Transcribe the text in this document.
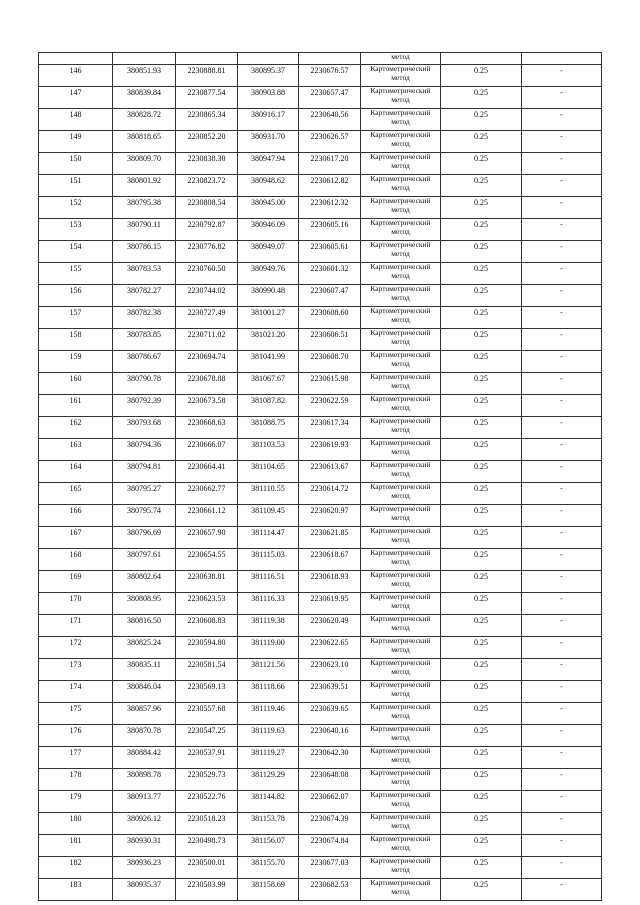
					метод		
146	380851.93	2230888.81	380895.37	2230676.57	Картометрический метод	0.25	-
147	380839.84	2230877.54	380903.88	2230657.47	Картометрический метод	0.25	-
148	380828.72	2230865.34	380916.17	2230640.56	Картометрический метод	0.25	-
149	380818.65	2230852.20	380931.70	2230626.57	Картометрический метод	0.25	-
150	380809.70	2230838.30	380947.94	2230617.20	Картометрический метод	0.25	-
151	380801.92	2230823.72	380948.62	2230612.82	Картометрический метод	0.25	-
152	380795.38	2230808.54	380945.00	2230612.32	Картометрический метод	0.25	-
153	380790.11	2230792.87	380946.09	2230605.16	Картометрический метод	0.25	-
154	380786.15	2230776.82	380949.07	2230605.61	Картометрический метод	0.25	-
155	380783.53	2230760.50	380949.76	2230601.32	Картометрический метод	0.25	-
156	380782.27	2230744.02	380990.48	2230607.47	Картометрический метод	0.25	-
157	380782.38	2230727.49	381001.27	2230608.60	Картометрический метод	0.25	-
158	380783.85	2230711.02	381021.20	2230606.51	Картометрический метод	0.25	-
159	380786.67	2230694.74	381041.99	2230608.70	Картометрический метод	0.25	-
160	380790.78	2230678.88	381067.67	2230615.98	Картометрический метод	0.25	-
161	380792.39	2230673.58	381087.82	2230622.59	Картометрический метод	0.25	-
162	380793.68	2230668.63	381088.75	2230617.34	Картометрический метод	0.25	-
163	380794.36	2230666.07	381103.53	2230619.93	Картометрический метод	0.25	-
164	380794.81	2230664.41	381104.65	2230613.67	Картометрический метод	0.25	-
165	380795.27	2230662.77	381110.55	2230614.72	Картометрический метод	0.25	-
166	380795.74	2230661.12	381109.45	2230620.97	Картометрический метод	0.25	-
167	380796.69	2230657.90	381114.47	2230621.85	Картометрический метод	0.25	-
168	380797.61	2230654.55	381115.03	2230618.67	Картометрический метод	0.25	-
169	380802.64	2230638.81	381116.51	2230618.93	Картометрический метод	0.25	-
170	380808.95	2230623.53	381116.33	2230619.95	Картометрический метод	0.25	-
171	380816.50	2230608.83	381119.38	2230620.49	Картометрический метод	0.25	-
172	380825.24	2230594.80	381119.00	2230622.65	Картометрический метод	0.25	-
173	380835.11	2230581.54	381121.56	2230623.10	Картометрический метод	0.25	-
174	380846.04	2230569.13	381118.66	2230639.51	Картометрический метод	0.25	-
175	380857.96	2230557.68	381119.46	2230639.65	Картометрический метод	0.25	-
176	380870.78	2230547.25	381119.63	2230640.16	Картометрический метод	0.25	-
177	380884.42	2230537.91	381119.27	2230642.30	Картометрический метод	0.25	-
178	380898.78	2230529.73	381129.29	2230648.08	Картометрический метод	0.25	-
179	380913.77	2230522.76	381144.82	2230662.07	Картометрический метод	0.25	-
180	380926.12	2230518.23	381153.78	2230674.39	Картометрический метод	0.25	-
181	380930.31	2230498.73	381156.07	2230674.84	Картометрический метод	0.25	-
182	380936.23	2230500.01	381155.70	2230677.03	Картометрический метод	0.25	-
183	380935.37	2230503.99	381158.69	2230682.53	Картометрический метод	0.25	-
